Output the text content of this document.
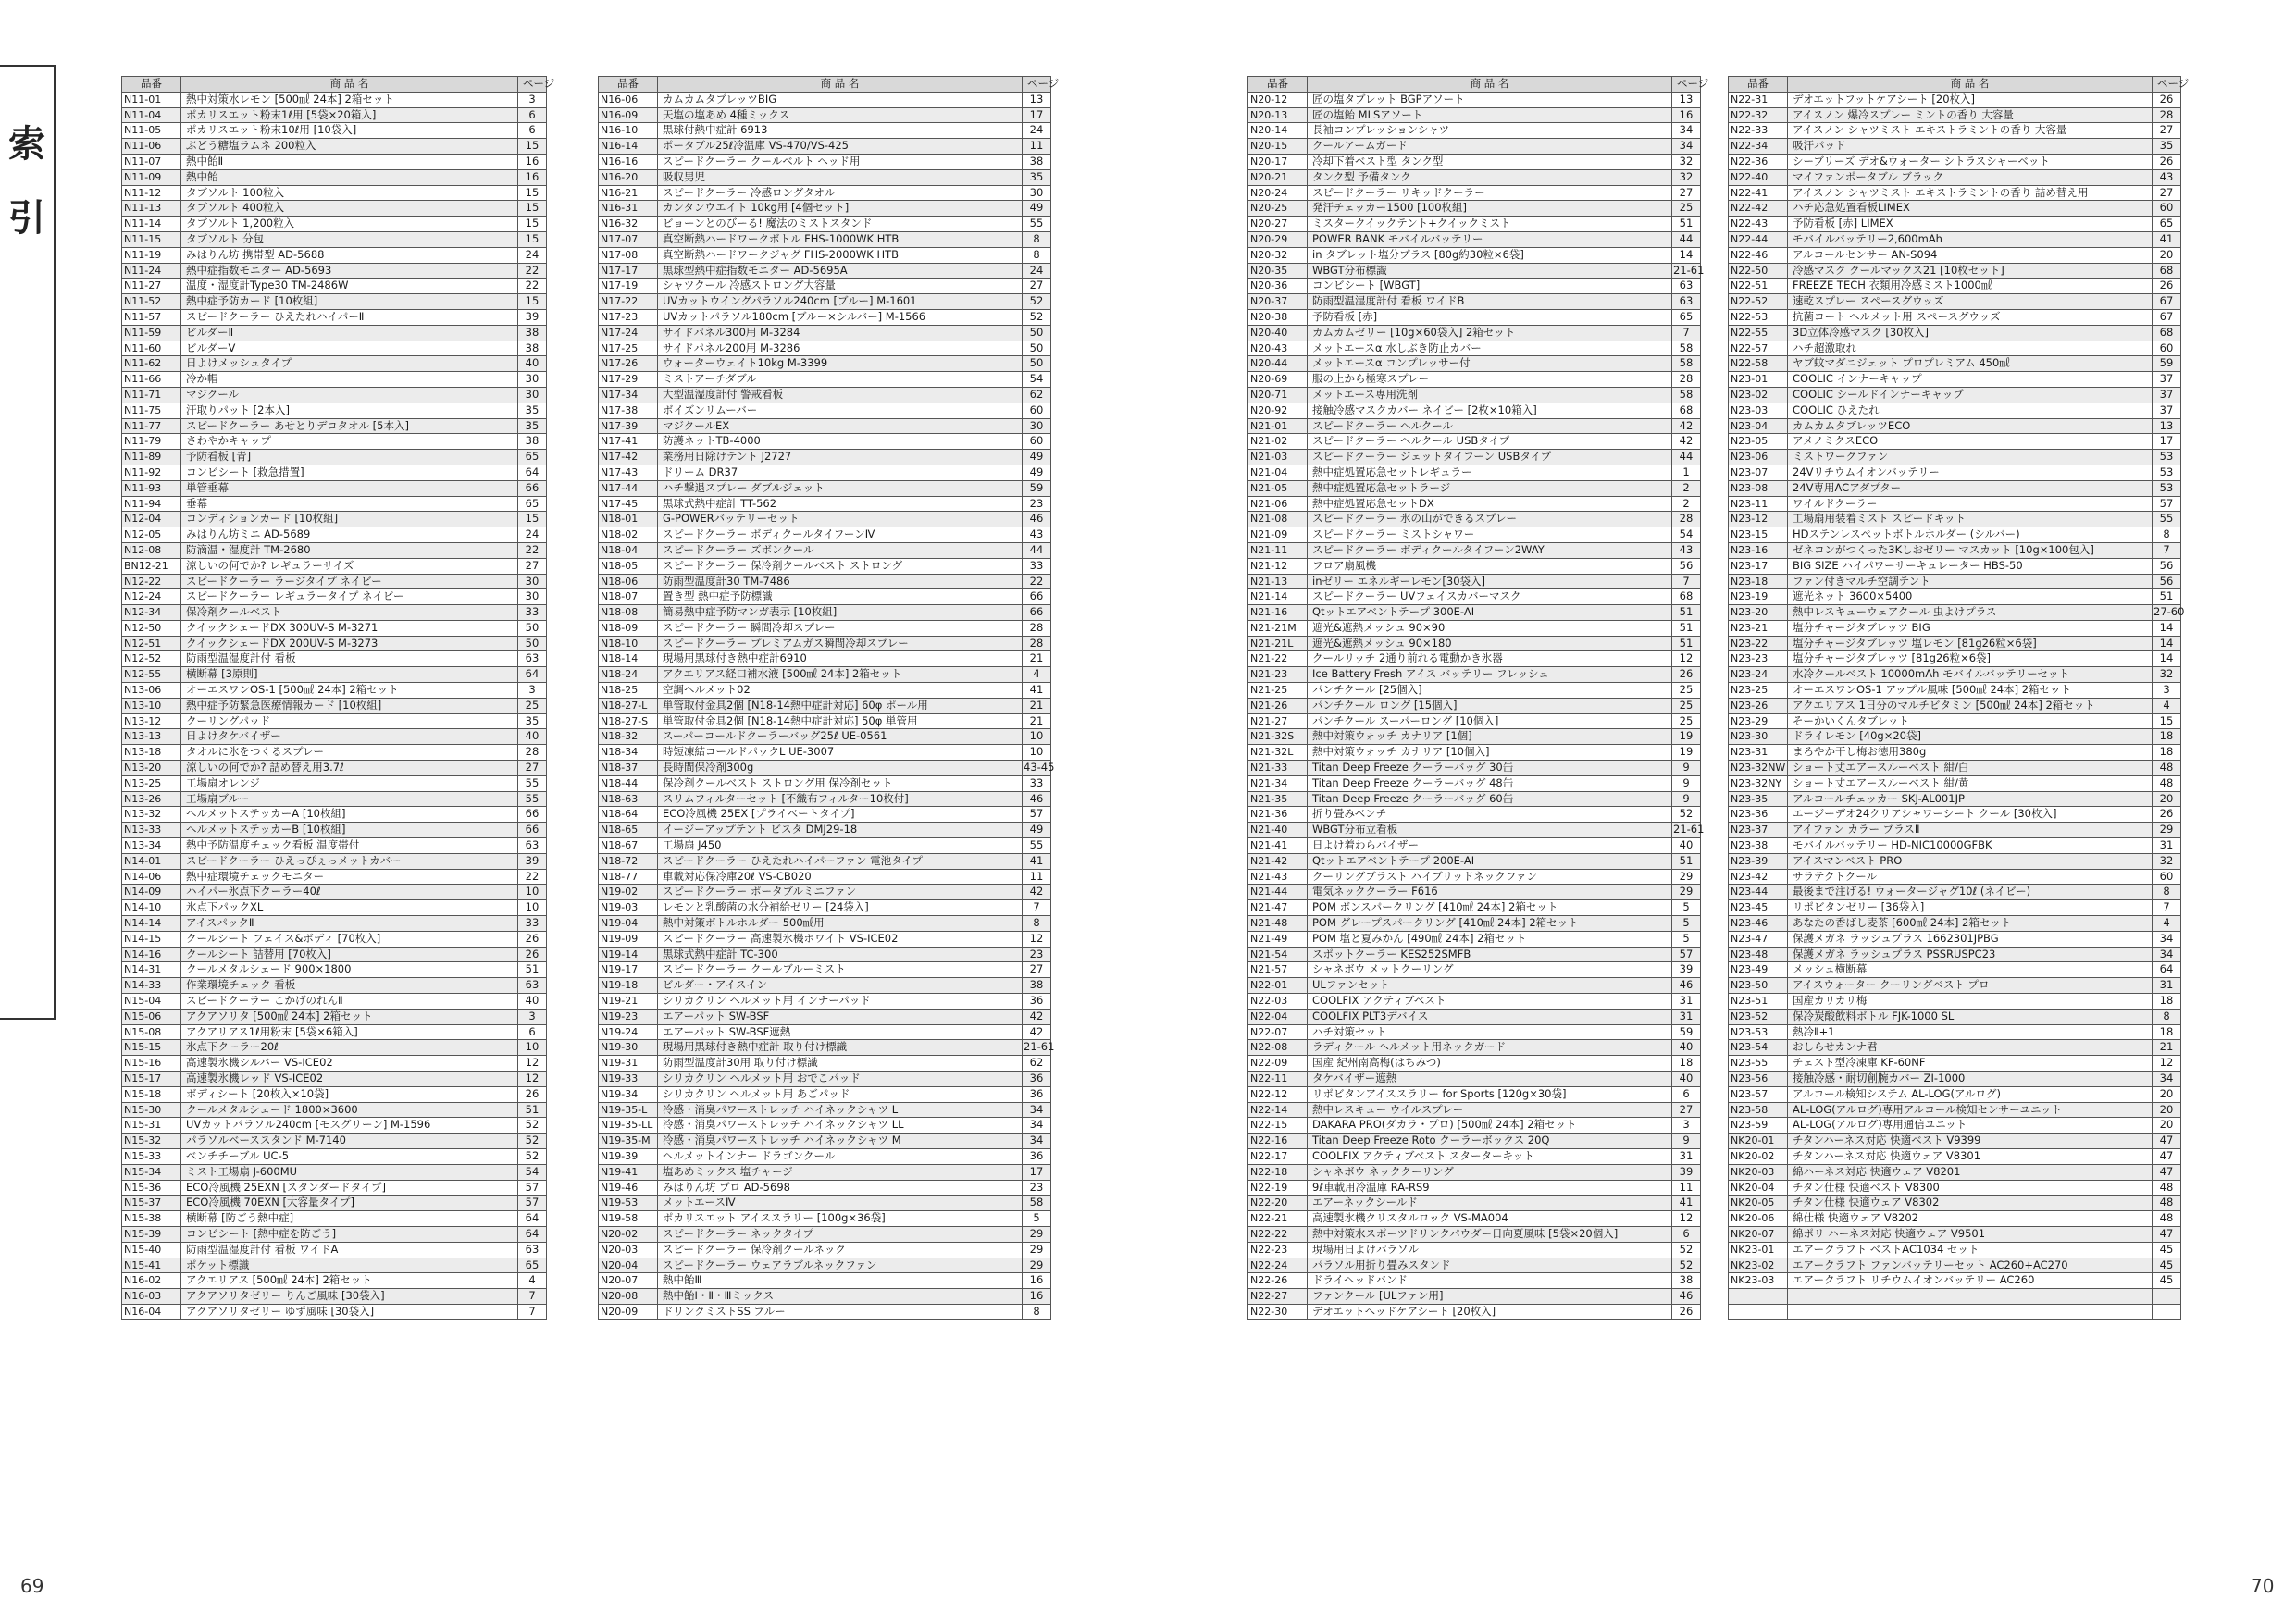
索
引
69	70
品番	商 品 名	ページ
N11-01	熱中対策水レモン [500㎖ 24本] 2箱セット	3
N11-04	ポカリスエット粉末1ℓ用 [5袋×20箱入]	6
N11-05	ポカリスエット粉末10ℓ用 [10袋入]	6
N11-06	ぶどう糖塩ラムネ 200粒入	15
N11-07	熱中飴Ⅱ	16
N11-09	熱中飴	16
N11-12	タブソルト 100粒入	15
N11-13	タブソルト 400粒入	15
N11-14	タブソルト 1,200粒入	15
N11-15	タブソルト 分包	15
N11-19	みはりん坊 携帯型 AD-5688	24
N11-24	熱中症指数モニター AD-5693	22
N11-27	温度・湿度計Type30 TM-2486W	22
N11-52	熱中症予防カード [10枚組]	15
N11-57	スピードクーラー ひえたれハイパーⅡ	39
N11-59	ビルダーⅡ	38
N11-60	ビルダーⅤ	38
N11-62	日よけメッシュタイプ	40
N11-66	冷か帽	30
N11-71	マジクール	30
N11-75	汗取りパット [2本入]	35
N11-77	スピードクーラー あせとりデコタオル [5本入]	35
N11-79	さわやかキャップ	38
N11-89	予防看板 [青]	65
N11-92	コンビシート [救急措置]	64
N11-93	単管垂幕	66
N11-94	垂幕	65
N12-04	コンディションカード [10枚組]	15
N12-05	みはりん坊ミニ AD-5689	24
N12-08	防滴温・湿度計 TM-2680	22
BN12-21	涼しいの何でか? レギュラーサイズ	27
N12-22	スピードクーラー ラージタイプ ネイビー	30
N12-24	スピードクーラー レギュラータイプ ネイビー	30
N12-34	保冷剤クールベスト	33
N12-50	クイックシェードDX 300UV-S M-3271	50
N12-51	クイックシェードDX 200UV-S M-3273	50
N12-52	防雨型温湿度計付 看板	63
N12-55	横断幕 [3原則]	64
N13-06	オーエスワンOS-1 [500㎖ 24本] 2箱セット	3
N13-10	熱中症予防緊急医療情報カード [10枚組]	25
N13-12	クーリングパッド	35
N13-13	日よけタケバイザー	40
N13-18	タオルに氷をつくるスプレー	28
N13-20	涼しいの何でか? 詰め替え用3.7ℓ	27
N13-25	工場扇オレンジ	55
N13-26	工場扇ブルー	55
N13-32	ヘルメットステッカーA [10枚組]	66
N13-33	ヘルメットステッカーB [10枚組]	66
N13-34	熱中予防温度チェック看板 温度帯付	63
N14-01	スピードクーラー ひえっぴぇっメットカバー	39
N14-06	熱中症環境チェックモニター	22
N14-09	ハイパー氷点下クーラー40ℓ	10
N14-10	氷点下パックXL	10
N14-14	アイスパックⅡ	33
N14-15	クールシート フェイス&ボディ [70枚入]	26
N14-16	クールシート 詰替用 [70枚入]	26
N14-31	クールメタルシェード 900×1800	51
N14-33	作業環境チェック 看板	63
N15-04	スピードクーラー こかげのれんⅡ	40
N15-06	アクアソリタ [500㎖ 24本] 2箱セット	3
N15-08	アクアリアス1ℓ用粉末 [5袋×6箱入]	6
N15-15	氷点下クーラー20ℓ	10
N15-16	高速製氷機シルバー VS-ICE02	12
N15-17	高速製氷機レッド VS-ICE02	12
N15-18	ボディシート [20枚入×10袋]	26
N15-30	クールメタルシェード 1800×3600	51
N15-31	UVカットパラソル240cm [モスグリーン] M-1596	52
N15-32	パラソルベーススタンド M-7140	52
N15-33	ベンチチーブル UC-5	52
N15-34	ミスト工場扇 J-600MU	54
N15-36	ECO冷風機 25EXN [スタンダードタイプ]	57
N15-37	ECO冷風機 70EXN [大容量タイプ]	57
N15-38	横断幕 [防ごう熱中症]	64
N15-39	コンビシート [熱中症を防ごう]	64
N15-40	防雨型温湿度計付 看板 ワイドA	63
N15-41	ポケット標識	65
N16-02	アクエリアス [500㎖ 24本] 2箱セット	4
N16-03	アクアソリタゼリー りんご風味 [30袋入]	7
N16-04	アクアソリタゼリー ゆず風味 [30袋入]	7
品番	商 品 名	ページ
N16-06	カムカムタブレッツBIG	13
N16-09	天塩の塩あめ 4種ミックス	17
N16-10	黒球付熱中症計 6913	24
N16-14	ポータブル25ℓ冷温庫 VS-470/VS-425	11
N16-16	スピードクーラー クールベルト ヘッド用	38
N16-20	吸収男児	35
N16-21	スピードクーラー 冷感ロングタオル	30
N16-31	カンタンウエイト 10kg用 [4個セット]	49
N16-32	ビョーンとのびーる! 魔法のミストスタンド	55
N17-07	真空断熱ハードワークボトル FHS-1000WK HTB	8
N17-08	真空断熱ハードワークジャグ FHS-2000WK HTB	8
N17-17	黒球型熱中症指数モニター AD-5695A	24
N17-19	シャツクール 冷感ストロング大容量	27
N17-22	UVカットウイングパラソル240cm [ブルー] M-1601	52
N17-23	UVカットパラソル180cm [ブルー×シルバー] M-1566	52
N17-24	サイドパネル300用 M-3284	50
N17-25	サイドパネル200用 M-3286	50
N17-26	ウォーターウェイト10kg M-3399	50
N17-29	ミストアーチダブル	54
N17-34	大型温湿度計付 警戒看板	62
N17-38	ボイズンリムーバー	60
N17-39	マジクールEX	30
N17-41	防護ネットTB-4000	60
N17-42	業務用日除けテント J2727	49
N17-43	ドリーム DR37	49
N17-44	ハチ撃退スプレー ダブルジェット	59
N17-45	黒球式熱中症計 TT-562	23
N18-01	G-POWERバッテリーセット	46
N18-02	スピードクーラー ボディクールタイフーンⅣ	43
N18-04	スピードクーラー ズボンクール	44
N18-05	スピードクーラー 保冷剤クールベスト ストロング	33
N18-06	防雨型温度計30 TM-7486	22
N18-07	置き型 熱中症予防標識	66
N18-08	簡易熱中症予防マンガ表示 [10枚組]	66
N18-09	スピードクーラー 瞬間冷却スプレー	28
N18-10	スピードクーラー プレミアムガス瞬間冷却スプレー	28
N18-14	現場用黒球付き熱中症計6910	21
N18-24	アクエリアス経口補水液 [500㎖ 24本] 2箱セット	4
N18-25	空調ヘルメット02	41
N18-27-L	単管取付金具2個 [N18-14熱中症計対応] 60φ ポール用	21
N18-27-S	単管取付金具2個 [N18-14熱中症計対応] 50φ 単管用	21
N18-32	スーパーコールドクーラーバッグ25ℓ UE-0561	10
N18-34	時短凍結コールドパックL UE-3007	10
N18-37	長時間保冷剤300g	43-45
N18-44	保冷剤クールベスト ストロング用 保冷剤セット	33
N18-63	スリムフィルターセット [不織布フィルター10枚付]	46
N18-64	ECO冷風機 25EX [プライベートタイプ]	57
N18-65	イージーアップテント ビスタ DMJ29-18	49
N18-67	工場扇 J450	55
N18-72	スピードクーラー ひえたれハイパーファン 電池タイプ	41
N18-77	車載対応保冷庫20ℓ VS-CB020	11
N19-02	スピードクーラー ポータブルミニファン	42
N19-03	レモンと乳酸菌の水分補給ゼリー [24袋入]	7
N19-04	熱中対策ボトルホルダー 500㎖用	8
N19-09	スピードクーラー 高速製氷機ホワイト VS-ICE02	12
N19-14	黒球式熱中症計 TC-300	23
N19-17	スピードクーラー クールブルーミスト	27
N19-18	ビルダー・アイスイン	38
N19-21	シリカクリン ヘルメット用 インナーパッド	36
N19-23	エアーパット SW-BSF	42
N19-24	エアーパット SW-BSF遮熱	42
N19-30	現場用黒球付き熱中症計 取り付け標識	21-61
N19-31	防雨型温度計30用 取り付け標識	62
N19-33	シリカクリン ヘルメット用 おでこパッド	36
N19-34	シリカクリン ヘルメット用 あごパッド	36
N19-35-L	冷感・消臭パワーストレッチ ハイネックシャツ L	34
N19-35-LL	冷感・消臭パワーストレッチ ハイネックシャツ LL	34
N19-35-M	冷感・消臭パワーストレッチ ハイネックシャツ M	34
N19-39	ヘルメットインナー ドラゴンクール	36
N19-41	塩あめミックス 塩チャージ	17
N19-46	みはりん坊 プロ AD-5698	23
N19-53	メットエースⅣ	58
N19-58	ポカリスエット アイススラリー [100g×36袋]	5
N20-02	スピードクーラー ネックタイプ	29
N20-03	スピードクーラー 保冷剤クールネック	29
N20-04	スピードクーラー ウェアラブルネックファン	29
N20-07	熱中飴Ⅲ	16
N20-08	熱中飴Ⅰ・Ⅱ・Ⅲミックス	16
N20-09	ドリンクミストSS ブルー	8
品番	商 品 名	ページ
N20-12	匠の塩タブレット BGPアソート	13
N20-13	匠の塩飴 MLSアソート	16
N20-14	長袖コンプレッションシャツ	34
N20-15	クールアームガード	34
N20-17	冷却下着ベスト型 タンク型	32
N20-21	タンク型 予備タンク	32
N20-24	スピードクーラー リキッドクーラー	27
N20-25	発汗チェッカー1500 [100枚組]	25
N20-27	ミスタークイックテント+クイックミスト	51
N20-29	POWER BANK モバイルバッテリー	44
N20-32	in タブレット塩分プラス [80g約30粒×6袋]	14
N20-35	WBGT分布標識	21-61
N20-36	コンビシート [WBGT]	63
N20-37	防雨型温湿度計付 看板 ワイドB	63
N20-38	予防看板 [赤]	65
N20-40	カムカムゼリー [10g×60袋入] 2箱セット	7
N20-43	メットエースα 水しぶき防止カバー	58
N20-44	メットエースα コンプレッサー付	58
N20-69	服の上から極寒スプレー	28
N20-71	メットエース専用洗剤	58
N20-92	接触冷感マスクカバー ネイビー [2枚×10箱入]	68
N21-01	スピードクーラー ヘルクール	42
N21-02	スピードクーラー ヘルクール USBタイプ	42
N21-03	スピードクーラー ジェットタイフーン USBタイプ	44
N21-04	熱中症処置応急セットレギュラー	1
N21-05	熱中症処置応急セットラージ	2
N21-06	熱中症処置応急セットDX	2
N21-08	スピードクーラー 氷の山ができるスプレー	28
N21-09	スピードクーラー ミストシャワー	54
N21-11	スピードクーラー ボディクールタイフーン2WAY	43
N21-12	フロア扇風機	56
N21-13	inゼリー エネルギーレモン[30袋入]	7
N21-14	スピードクーラー UVフェイスカバーマスク	68
N21-16	Qtットエアベントテープ 300E-AI	51
N21-21M	遮光&遮熱メッシュ 90×90	51
N21-21L	遮光&遮熱メッシュ 90×180	51
N21-22	クールリッチ 2通り前れる電動かき氷器	12
N21-23	Ice Battery Fresh アイス バッテリー フレッシュ	26
N21-25	パンチクール [25個入]	25
N21-26	パンチクール ロング [15個入]	25
N21-27	パンチクール スーパーロング [10個入]	25
N21-32S	熱中対策ウォッチ カナリア [1個]	19
N21-32L	熱中対策ウォッチ カナリア [10個入]	19
N21-33	Titan Deep Freeze クーラーバッグ 30缶	9
N21-34	Titan Deep Freeze クーラーバッグ 48缶	9
N21-35	Titan Deep Freeze クーラーバッグ 60缶	9
N21-36	折り畳みベンチ	52
N21-40	WBGT分布立看板	21-61
N21-41	日よけ着わらバイザー	40
N21-42	Qtットエアベントテープ 200E-AI	51
N21-43	クーリングブラスト ハイブリッドネックファン	29
N21-44	電気ネッククーラー F616	29
N21-47	POM ボンスパークリング [410㎖ 24本] 2箱セット	5
N21-48	POM グレープスパークリング [410㎖ 24本] 2箱セット	5
N21-49	POM 塩と夏みかん [490㎖ 24本] 2箱セット	5
N21-54	スポットクーラー KES252SMFB	57
N21-57	シャネボウ メットクーリング	39
N22-01	ULファンセット	46
N22-03	COOLFIX アクティブベスト	31
N22-04	COOLFIX PLT3デバイス	31
N22-07	ハチ対策セット	59
N22-08	ラディクール ヘルメット用ネックガード	40
N22-09	国産 紀州南高梅(はちみつ)	18
N22-11	タケバイザー遮熱	40
N22-12	リポビタンアイススラリー for Sports [120g×30袋]	6
N22-14	熱中レスキュー ウイルスプレー	27
N22-15	DAKARA PRO(ダカラ・プロ) [500㎖ 24本] 2箱セット	3
N22-16	Titan Deep Freeze Roto クーラーボックス 20Q	9
N22-17	COOLFIX アクティブベスト スターターキット	31
N22-18	シャネボウ ネッククーリング	39
N22-19	9ℓ車載用冷温庫 RA-RS9	11
N22-20	エアーネックシールド	41
N22-21	高速製氷機クリスタルロック VS-MA004	12
N22-22	熱中対策水スポーツドリンクパウダー日向夏風味 [5袋×20個入]	6
N22-23	現場用日よけパラソル	52
N22-24	パラソル用折り畳みスタンド	52
N22-26	ドライヘッドバンド	38
N22-27	ファンクール [ULファン用]	46
N22-30	デオエットヘッドケアシート [20枚入]	26
品番	商 品 名	ページ
N22-31	デオエットフットケアシート [20枚入]	26
N22-32	アイスノン 爆冷スプレー ミントの香り 大容量	28
N22-33	アイスノン シャツミスト エキストラミントの香り 大容量	27
N22-34	吸汗パッド	35
N22-36	シーブリーズ デオ&ウォーター シトラスシャーベット	26
N22-40	マイファンポータブル ブラック	43
N22-41	アイスノン シャツミスト エキストラミントの香り 詰め替え用	27
N22-42	ハチ応急処置看板LIMEX	60
N22-43	予防看板 [赤] LIMEX	65
N22-44	モバイルバッテリー2,600mAh	41
N22-46	アルコールセンサー AN-S094	20
N22-50	冷感マスク クールマックス21 [10枚セット]	68
N22-51	FREEZE TECH 衣類用冷感ミスト1000㎖	26
N22-52	速乾スプレー スペースグウッズ	67
N22-53	抗菌コート ヘルメット用 スペースグウッズ	67
N22-55	3D立体冷感マスク [30枚入]	68
N22-57	ハチ超激取れ	60
N22-58	ヤブ蚊マダニジェット プロプレミアム 450㎖	59
N23-01	COOLIC インナーキャップ	37
N23-02	COOLIC シールドインナーキャップ	37
N23-03	COOLIC ひえたれ	37
N23-04	カムカムタブレッツECO	13
N23-05	アメノミクスECO	17
N23-06	ミストワークファン	53
N23-07	24Vリチウムイオンバッテリー	53
N23-08	24V専用ACアダプター	53
N23-11	ワイルドクーラー	57
N23-12	工場扇用装着ミスト スピードキット	55
N23-15	HDステンレスペットボトルホルダー (シルバー)	8
N23-16	ゼネコンがつくった3Kしおゼリー マスカット [10g×100包入]	7
N23-17	BIG SIZE ハイパワーサーキュレーター HBS-50	56
N23-18	ファン付きマルチ空調テント	56
N23-19	遮光ネット 3600×5400	51
N23-20	熱中レスキューウェアクール 虫よけプラス	27-60
N23-21	塩分チャージタブレッツ BIG	14
N23-22	塩分チャージタブレッツ 塩レモン [81g26粒×6袋]	14
N23-23	塩分チャージタブレッツ [81g26粒×6袋]	14
N23-24	水冷クールベスト 10000mAh モバイルバッテリーセット	32
N23-25	オーエスワンOS-1 アップル風味 [500㎖ 24本] 2箱セット	3
N23-26	アクエリアス 1日分のマルチビタミン [500㎖ 24本] 2箱セット	4
N23-29	そーかいくんタブレット	15
N23-30	ドライレモン [40g×20袋]	18
N23-31	まろやか干し梅お徳用380g	18
N23-32NW	ショート丈エアースルーベスト 紺/白	48
N23-32NY	ショート丈エアースルーベスト 紺/黄	48
N23-35	アルコールチェッカー SKJ-AL001JP	20
N23-36	エージーデオ24クリアシャワーシート クール [30枚入]	26
N23-37	アイファン カラー プラスⅡ	29
N23-38	モバイルバッテリー HD-NIC10000GFBK	31
N23-39	アイスマンベスト PRO	32
N23-42	サラテクトクール	60
N23-44	最後まで注げる! ウォータージャグ10ℓ (ネイビー)	8
N23-45	リポビタンゼリー [36袋入]	7
N23-46	あなたの香ばし麦茶 [600㎖ 24本] 2箱セット	4
N23-47	保護メガネ ラッシュプラス 1662301JPBG	34
N23-48	保護メガネ ラッシュプラス PSSRUSPC23	34
N23-49	メッシュ横断幕	64
N23-50	アイスウォーター クーリングベスト プロ	31
N23-51	国産カリカリ梅	18
N23-52	保冷炭酸飲料ボトル FJK-1000 SL	8
N23-53	熱冷Ⅱ+1	18
N23-54	おしらせカンナ君	21
N23-55	チェスト型冷凍庫 KF-60NF	12
N23-56	接触冷感・耐切創腕カバー ZI-1000	34
N23-57	アルコール検知システム AL-LOG(アルログ)	20
N23-58	AL-LOG(アルログ)専用アルコール検知センサーユニット	20
N23-59	AL-LOG(アルログ)専用通信ユニット	20
NK20-01	チタンハーネス対応 快適ベスト V9399	47
NK20-02	チタンハーネス対応 快適ウェア V8301	47
NK20-03	綿ハーネス対応 快適ウェア V8201	47
NK20-04	チタン仕様 快適ベスト V8300	48
NK20-05	チタン仕様 快適ウェア V8302	48
NK20-06	綿仕様 快適ウェア V8202	48
NK20-07	綿ポリ ハーネス対応 快適ウェア V9501	47
NK23-01	エアークラフト ベストAC1034 セット	45
NK23-02	エアークラフト ファンバッテリーセット AC260+AC270	45
NK23-03	エアークラフト リチウムイオンバッテリー AC260	45
